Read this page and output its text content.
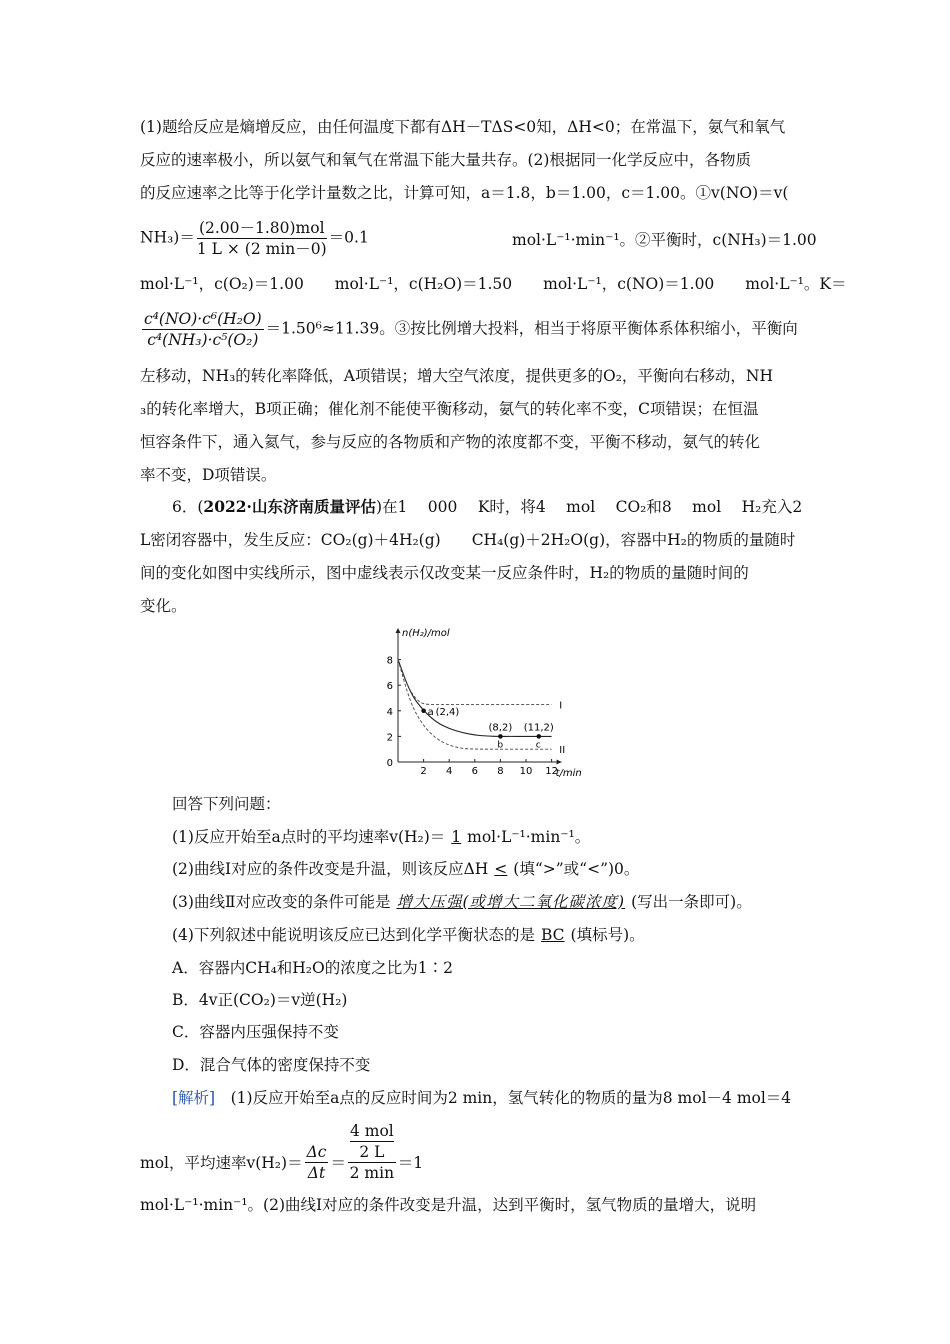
(1)题给反应是熵增反应，由任何温度下都有ΔH－TΔS<0知，ΔH<0；在常温下，氨气和氧气
反应的速率极小，所以氨气和氧气在常温下能大量共存。(2)根据同一化学反应中，各物质
的反应速率之比等于化学计量数之比，计算可知，a＝1.8，b＝1.00，c＝1.00。①v(NO)＝v(
NH₃)＝
(2.00－1.80)mol
1 L × (2 min－0)
＝0.1	mol·L⁻¹·min⁻¹。②平衡时，c(NH₃)＝1.00
mol·L⁻¹，c(O₂)＝1.00　　mol·L⁻¹，c(H₂O)＝1.50　　mol·L⁻¹，c(NO)＝1.00　　mol·L⁻¹。K＝
$\frac{\text{c⁴(NO)·c⁶(H₂O)}}{\text{c⁴(NH₃)·c⁵(O₂)}} =1.50^6\approx 11.39$。③按比例增大投料，相当于将原平衡体系体积缩小，平衡向
左移动，NH₃的转化率降低，A项错误；增大空气浓度，提供更多的O₂，平衡向右移动，NH
₃的转化率增大，B项正确；催化剂不能使平衡移动，氨气的转化率不变，C项错误；在恒温
恒容条件下，通入氦气，参与反应的各物质和产物的浓度都不变，平衡不移动，氨气的转化
率不变，D项错误。
6．(2022·山东济南质量评估)在1　 000　 K时，将4　 mol　 CO₂和8　 mol　 H₂充入2
L密闭容器中，发生反应：CO₂(g)＋4H₂(g)　　CH₄(g)＋2H₂O(g)，容器中H₂的物质的量随时
间的变化如图中实线所示，图中虚线表示仅改变某一反应条件时，H₂的物质的量随时间的
变化。
n(H₂)/mol
t/min
2 4 6 8 10 12
0
2
4
6
8
I
II
a (2,4)
b
(8,2)
c
(11,2)
回答下列问题：
(1)反应开始至a点时的平均速率v(H₂)＝ 1 mol·L⁻¹·min⁻¹。
(2)曲线Ⅰ对应的条件改变是升温，则该反应ΔH < (填“>”或“<”)0。
(3)曲线Ⅱ对应改变的条件可能是 增大压强(或增大二氧化碳浓度) (写出一条即可)。
(4)下列叙述中能说明该反应已达到化学平衡状态的是 BC (填标号)。
A．容器内CH₄和H₂O的浓度之比为1∶2
B．4v正(CO₂)＝v逆(H₂)
C．容器内压强保持不变
D．混合气体的密度保持不变
[解析]　 (1)反应开始至a点的反应时间为2 min，氢气转化的物质的量为8 mol－4 mol＝4
mol，平均速率$v(H_2)= \frac{\Delta c}{\Delta t}$ ＝
4 mol
2 L
2 min
＝1
mol·L⁻¹·min⁻¹。(2)曲线Ⅰ对应的条件改变是升温，达到平衡时，氢气物质的量增大，说明
